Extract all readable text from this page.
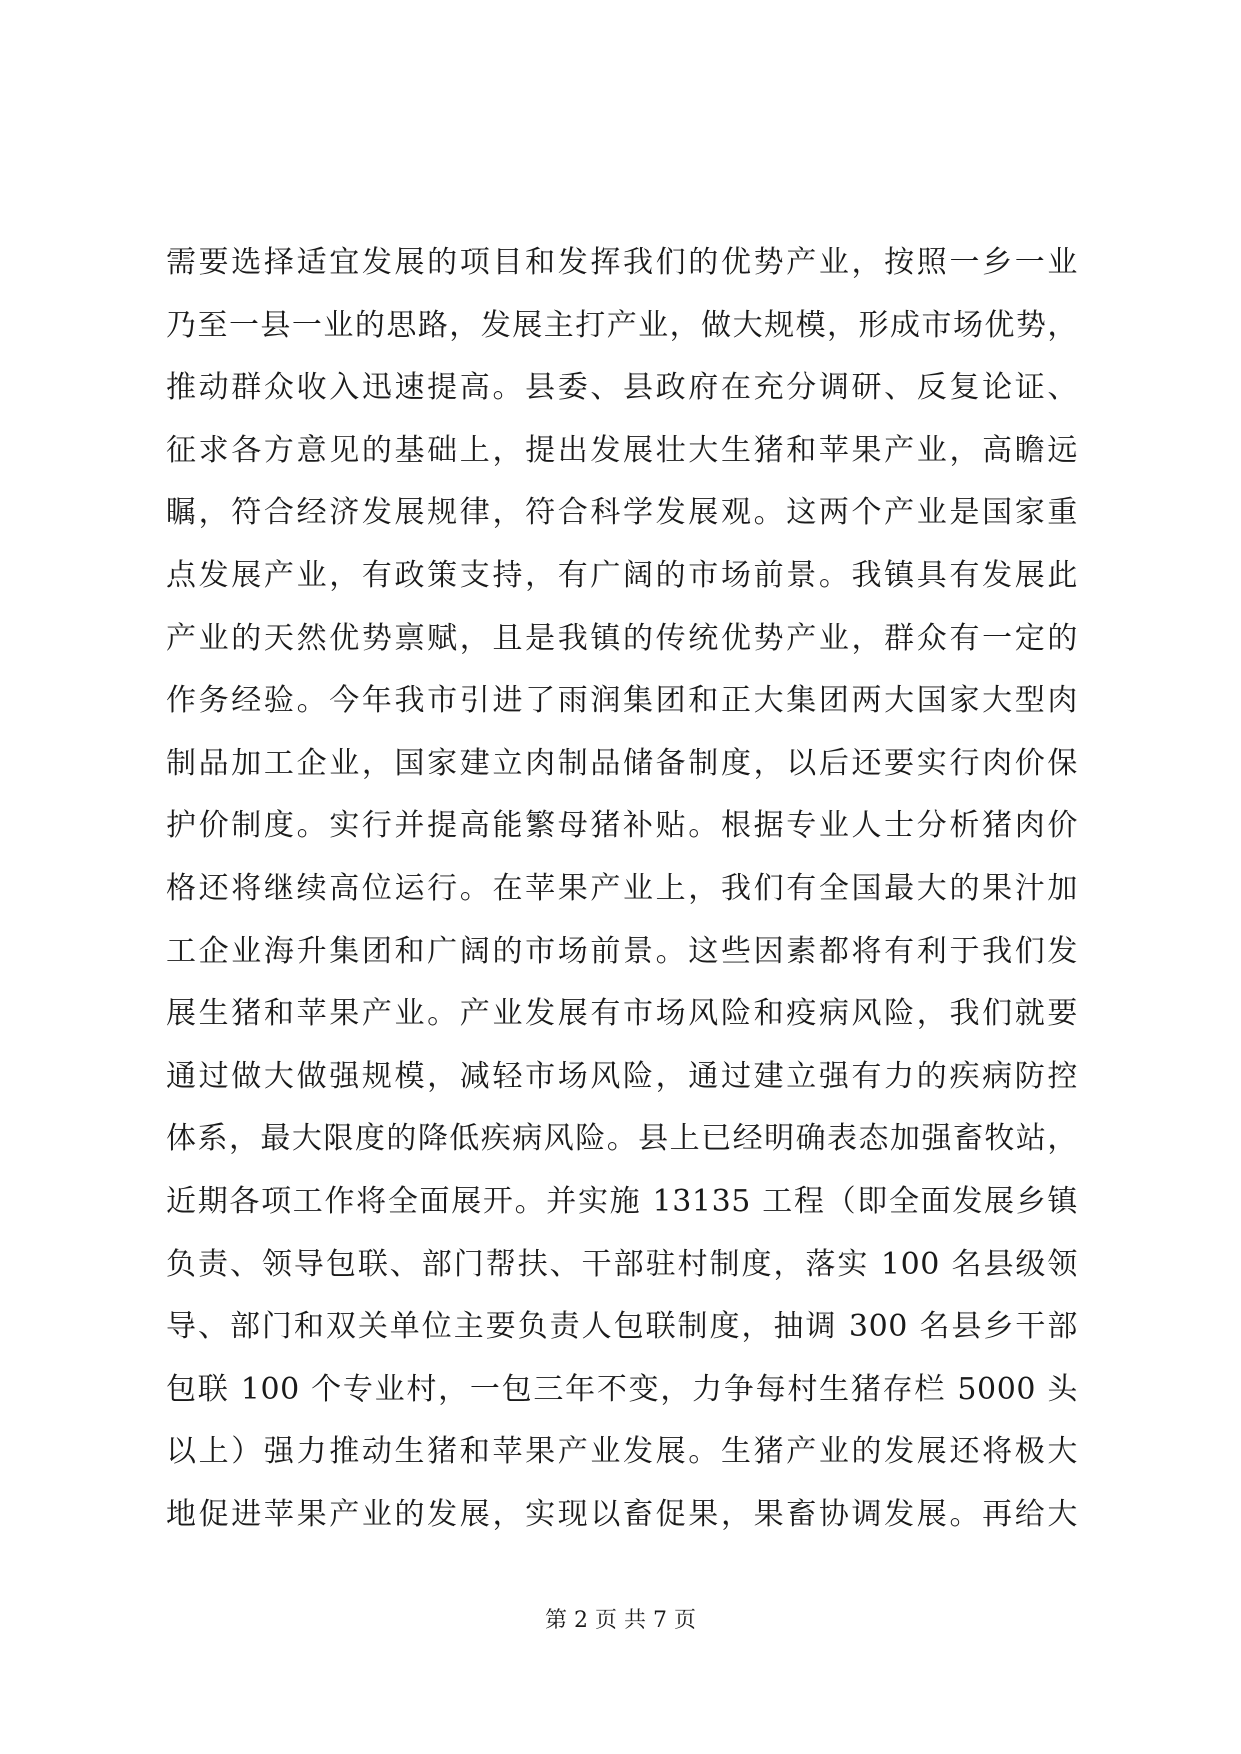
需要选择适宜发展的项目和发挥我们的优势产业，按照一乡一业
乃至一县一业的思路，发展主打产业，做大规模，形成市场优势，
推动群众收入迅速提高。县委、县政府在充分调研、反复论证、
征求各方意见的基础上，提出发展壮大生猪和苹果产业，高瞻远
瞩，符合经济发展规律，符合科学发展观。这两个产业是国家重
点发展产业，有政策支持，有广阔的市场前景。我镇具有发展此
产业的天然优势禀赋，且是我镇的传统优势产业，群众有一定的
作务经验。今年我市引进了雨润集团和正大集团两大国家大型肉
制品加工企业，国家建立肉制品储备制度，以后还要实行肉价保
护价制度。实行并提高能繁母猪补贴。根据专业人士分析猪肉价
格还将继续高位运行。在苹果产业上，我们有全国最大的果汁加
工企业海升集团和广阔的市场前景。这些因素都将有利于我们发
展生猪和苹果产业。产业发展有市场风险和疫病风险，我们就要
通过做大做强规模，减轻市场风险，通过建立强有力的疾病防控
体系，最大限度的降低疾病风险。县上已经明确表态加强畜牧站，
近期各项工作将全面展开。并实施 13135 工程（即全面发展乡镇
负责、领导包联、部门帮扶、干部驻村制度，落实 100 名县级领
导、部门和双关单位主要负责人包联制度，抽调 300 名县乡干部
包联 100 个专业村，一包三年不变，力争每村生猪存栏 5000 头
以上）强力推动生猪和苹果产业发展。生猪产业的发展还将极大
地促进苹果产业的发展，实现以畜促果，果畜协调发展。再给大
第 2 页 共 7 页
